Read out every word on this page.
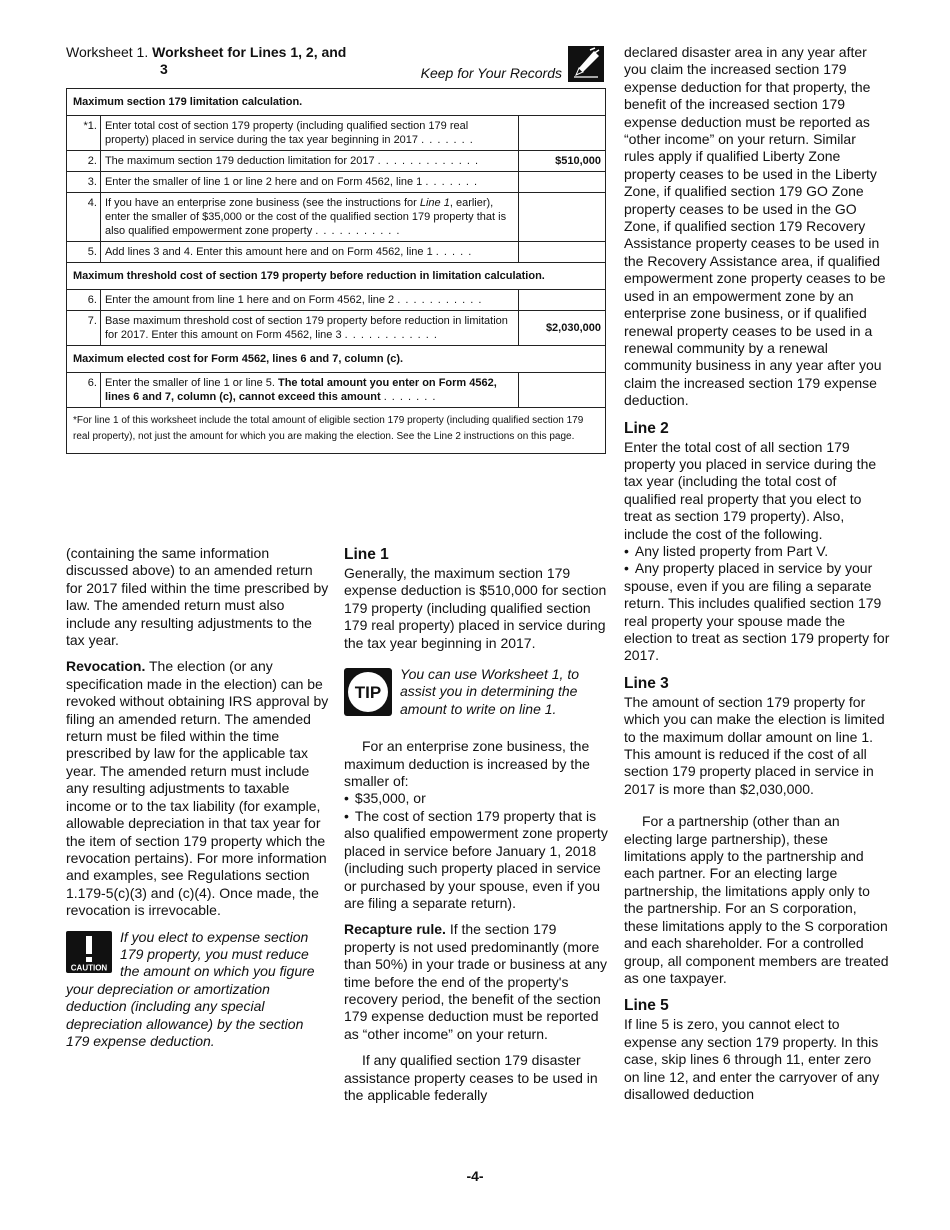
Worksheet 1. Worksheet for Lines 1, 2, and
3	Keep for Your Records
Maximum section 179 limitation calculation.		
*1.	Enter total cost of section 179 property (including qualified section 179 real property) placed in service during the tax year beginning in 2017 . . . . . . .	
2.	The maximum section 179 deduction limitation for 2017 . . . . . . . . . . . . .	$510,000
3.	Enter the smaller of line 1 or line 2 here and on Form 4562, line 1 . . . . . . .	
4.	If you have an enterprise zone business (see the instructions for Line 1, earlier), enter the smaller of $35,000 or the cost of the qualified section 179 property that is also qualified empowerment zone property . . . . . . . . . . .	
5.	Add lines 3 and 4. Enter this amount here and on Form 4562, line 1 . . . . .	
Maximum threshold cost of section 179 property before reduction in limitation calculation.		
6.	Enter the amount from line 1 here and on Form 4562, line 2 . . . . . . . . . . .	
7.	Base maximum threshold cost of section 179 property before reduction in limitation for 2017. Enter this amount on Form 4562, line 3 . . . . . . . . . . . .	$2,030,000
Maximum elected cost for Form 4562, lines 6 and 7, column (c).		
6.	Enter the smaller of line 1 or line 5. The total amount you enter on Form 4562, lines 6 and 7, column (c), cannot exceed this amount . . . . . . .	
*For line 1 of this worksheet include the total amount of eligible section 179 property (including qualified section 179 real property), not just the amount for which you are making the election. See the Line 2 instructions on this page.		

(containing the same information discussed above) to an amended return for 2017 filed within the time prescribed by law. The amended return must also include any resulting adjustments to the tax year.

Revocation. The election (or any specification made in the election) can be revoked without obtaining IRS approval by filing an amended return. The amended return must be filed within the time prescribed by law for the applicable tax year. The amended return must include any resulting adjustments to taxable income or to the tax liability (for example, allowable depreciation in that tax year for the item of section 179 property which the revocation pertains). For more information and examples, see Regulations section 1.179-5(c)(3) and (c)(4). Once made, the revocation is irrevocable.

CAUTION

If you elect to expense section 179 property, you must reduce the amount on which you figure your depreciation or amortization deduction (including any special depreciation allowance) by the section 179 expense deduction.

Line 1

Generally, the maximum section 179 expense deduction is $510,000 for section 179 property (including qualified section 179 real property) placed in service during the tax year beginning in 2017.

TIP

You can use Worksheet 1, to assist you in determining the amount to write on line 1.

For an enterprise zone business, the maximum deduction is increased by the smaller of:

• $35,000, or
• The cost of section 179 property that is also qualified empowerment zone property placed in service before January 1, 2018 (including such property placed in service or purchased by your spouse, even if you are filing a separate return).

Recapture rule. If the section 179 property is not used predominantly (more than 50%) in your trade or business at any time before the end of the property's recovery period, the benefit of the section 179 expense deduction must be reported as “other income” on your return.

If any qualified section 179 disaster assistance property ceases to be used in the applicable federally

declared disaster area in any year after you claim the increased section 179 expense deduction for that property, the benefit of the increased section 179 expense deduction must be reported as “other income” on your return. Similar rules apply if qualified Liberty Zone property ceases to be used in the Liberty Zone, if qualified section 179 GO Zone property ceases to be used in the GO Zone, if qualified section 179 Recovery Assistance property ceases to be used in the Recovery Assistance area, if qualified empowerment zone property ceases to be used in an empowerment zone by an enterprise zone business, or if qualified renewal property ceases to be used in a renewal community by a renewal community business in any year after you claim the increased section 179 expense deduction.

Line 2

Enter the total cost of all section 179 property you placed in service during the tax year (including the total cost of qualified real property that you elect to treat as section 179 property). Also, include the cost of the following.

• Any listed property from Part V.
• Any property placed in service by your spouse, even if you are filing a separate return. This includes qualified section 179 real property your spouse made the election to treat as section 179 property for 2017.
Line 3

The amount of section 179 property for which you can make the election is limited to the maximum dollar amount on line 1. This amount is reduced if the cost of all section 179 property placed in service in 2017 is more than $2,030,000.

For a partnership (other than an electing large partnership), these limitations apply to the partnership and each partner. For an electing large partnership, the limitations apply only to the partnership. For an S corporation, these limitations apply to the S corporation and each shareholder. For a controlled group, all component members are treated as one taxpayer.

Line 5

If line 5 is zero, you cannot elect to expense any section 179 property. In this case, skip lines 6 through 11, enter zero on line 12, and enter the carryover of any disallowed deduction

-4-
